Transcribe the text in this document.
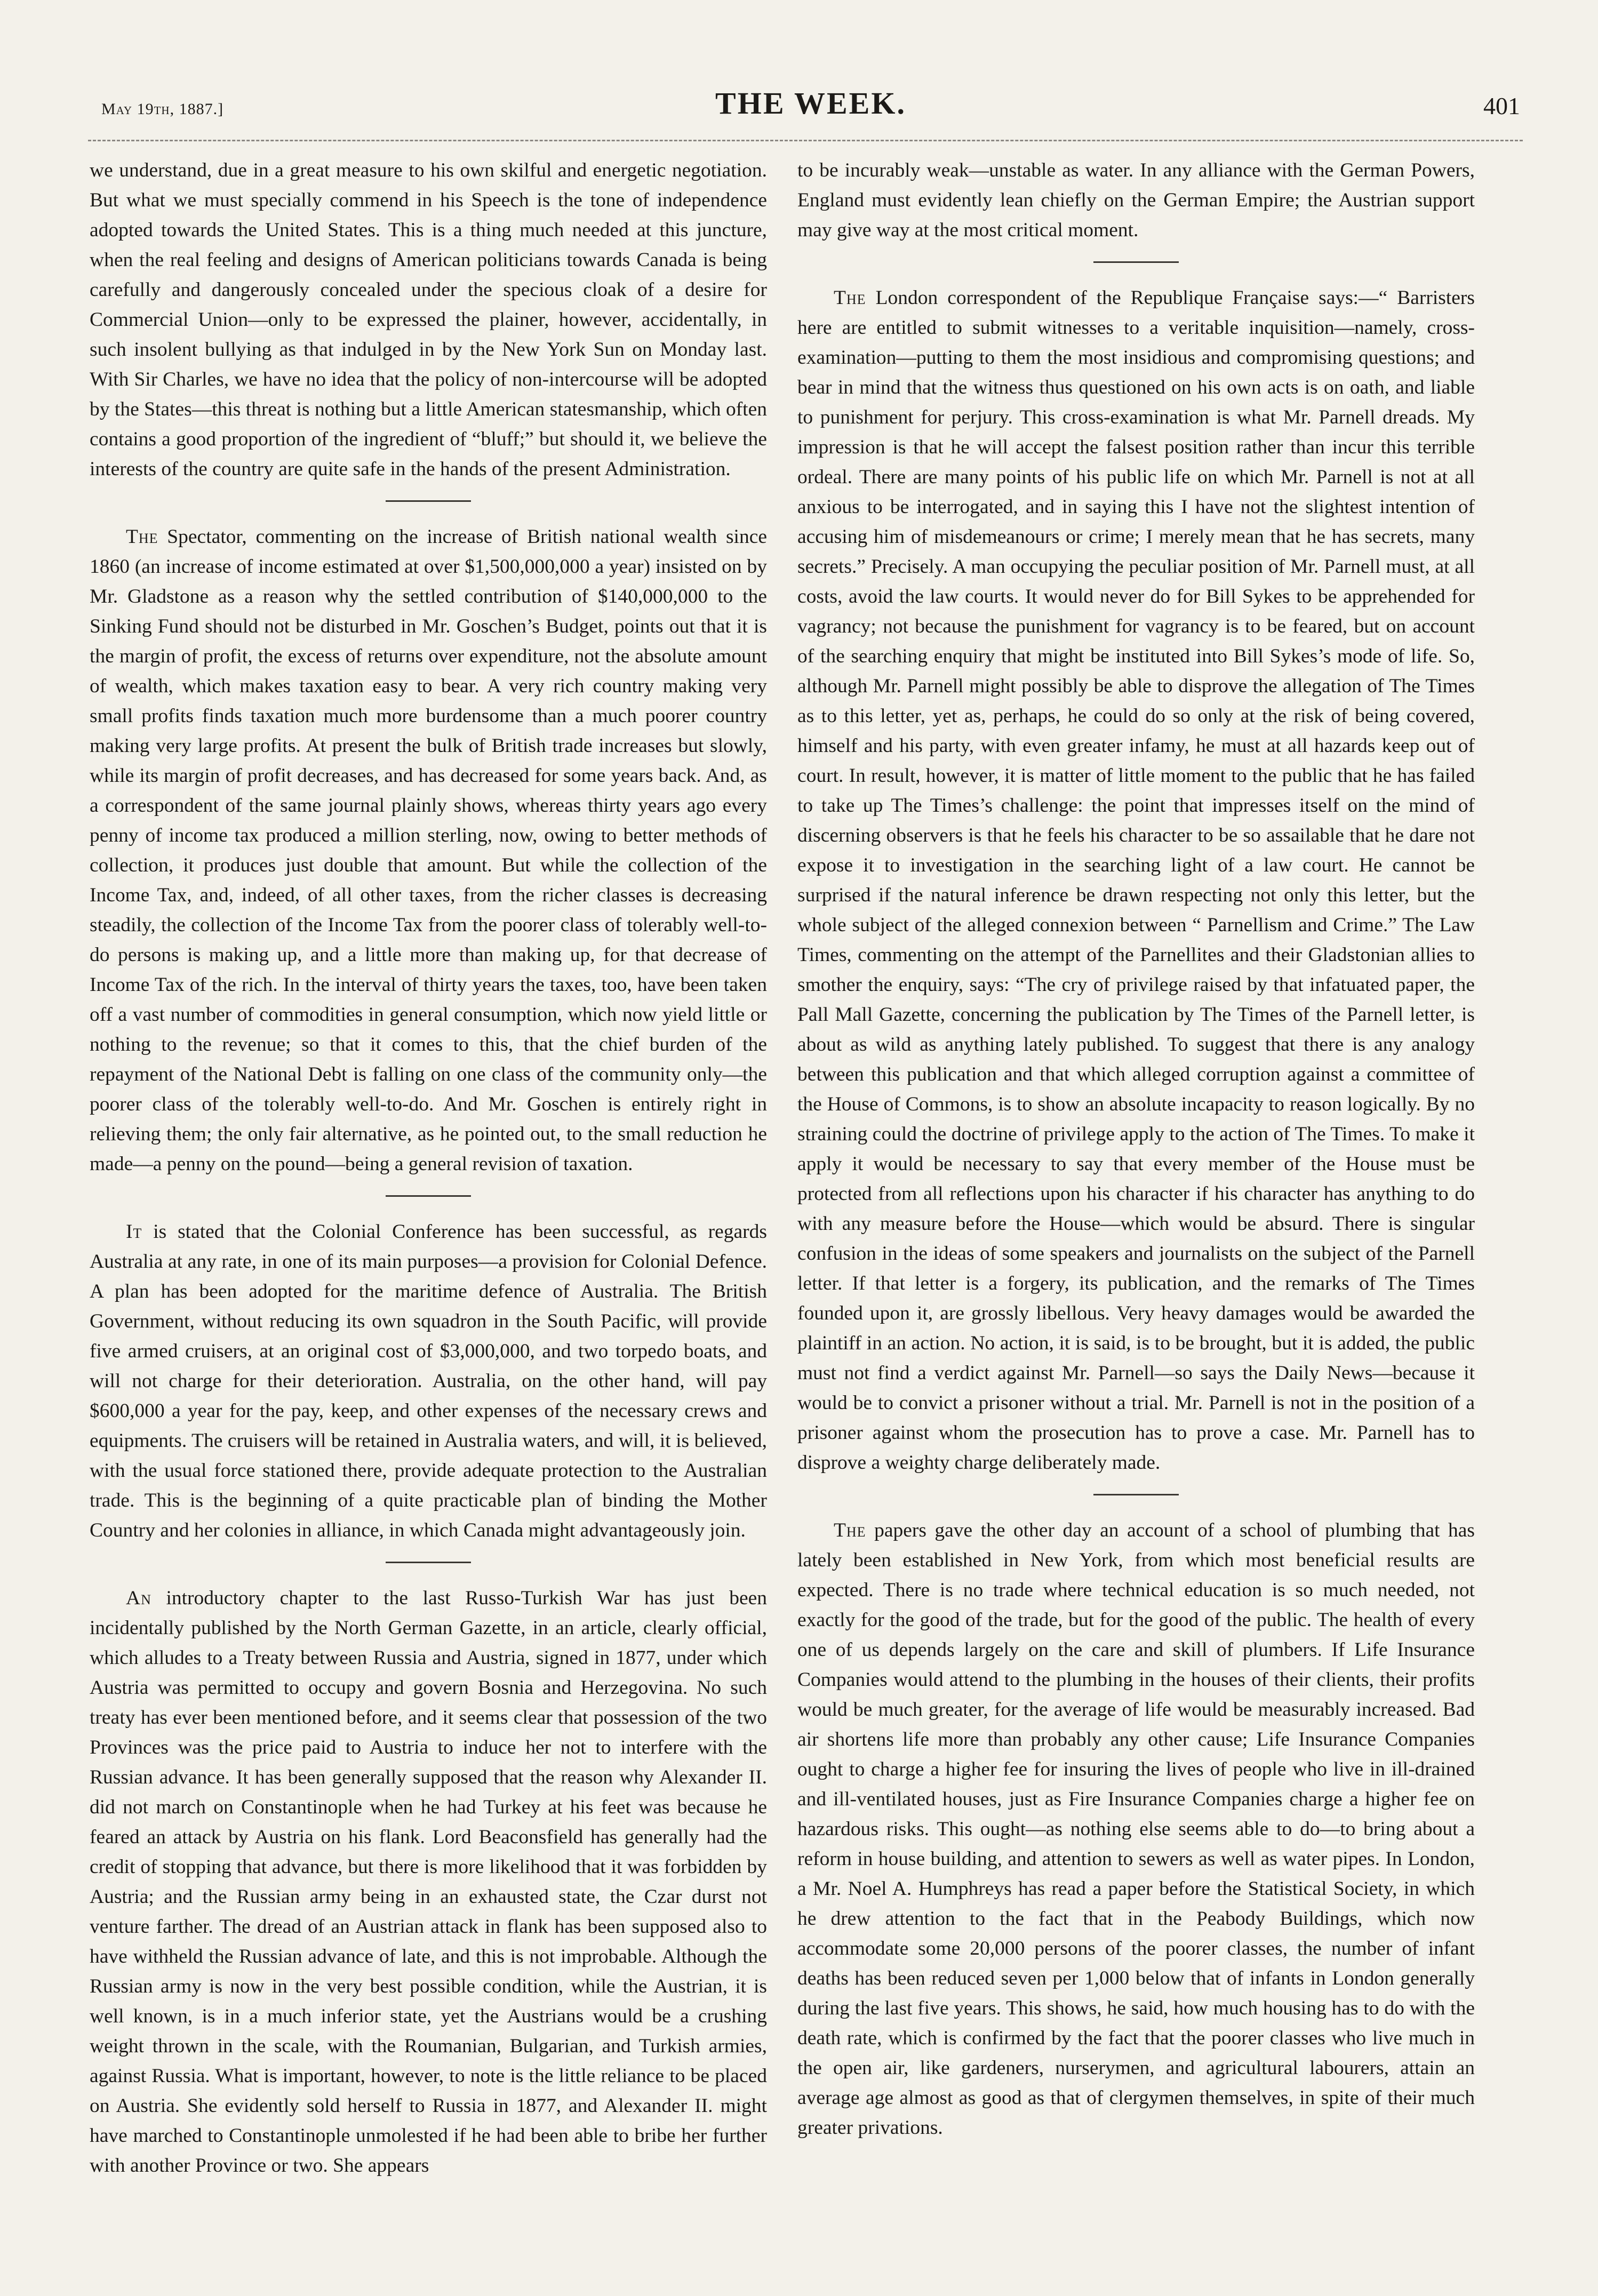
May 19th, 1887.]	THE WEEK.	401

we understand, due in a great measure to his own skilful and energetic negotiation. But what we must specially commend in his Speech is the tone of independence adopted towards the United States. This is a thing much needed at this juncture, when the real feeling and designs of American politicians towards Canada is being carefully and dangerously concealed under the specious cloak of a desire for Commercial Union—only to be expressed the plainer, however, accidentally, in such insolent bullying as that indulged in by the New York Sun on Monday last. With Sir Charles, we have no idea that the policy of non-intercourse will be adopted by the States—this threat is nothing but a little American statesmanship, which often contains a good proportion of the ingredient of “bluff;” but should it, we believe the interests of the country are quite safe in the hands of the present Administration.

The Spectator, commenting on the increase of British national wealth since 1860 (an increase of income estimated at over $1,500,000,000 a year) insisted on by Mr. Gladstone as a reason why the settled contribution of $140,000,000 to the Sinking Fund should not be disturbed in Mr. Goschen’s Budget, points out that it is the margin of profit, the excess of returns over expenditure, not the absolute amount of wealth, which makes taxation easy to bear. A very rich country making very small profits finds taxation much more burdensome than a much poorer country making very large profits. At present the bulk of British trade increases but slowly, while its margin of profit decreases, and has decreased for some years back. And, as a correspondent of the same journal plainly shows, whereas thirty years ago every penny of income tax produced a million sterling, now, owing to better methods of collection, it produces just double that amount. But while the collection of the Income Tax, and, indeed, of all other taxes, from the richer classes is decreasing steadily, the collection of the Income Tax from the poorer class of tolerably well-to-do persons is making up, and a little more than making up, for that decrease of Income Tax of the rich. In the interval of thirty years the taxes, too, have been taken off a vast number of commodities in general consumption, which now yield little or nothing to the revenue; so that it comes to this, that the chief burden of the repayment of the National Debt is falling on one class of the community only—the poorer class of the tolerably well-to-do. And Mr. Goschen is entirely right in relieving them; the only fair alternative, as he pointed out, to the small reduction he made—a penny on the pound—being a general revision of taxation.

It is stated that the Colonial Conference has been successful, as regards Australia at any rate, in one of its main purposes—a provision for Colonial Defence. A plan has been adopted for the maritime defence of Australia. The British Government, without reducing its own squadron in the South Pacific, will provide five armed cruisers, at an original cost of $3,000,000, and two torpedo boats, and will not charge for their deterioration. Australia, on the other hand, will pay $600,000 a year for the pay, keep, and other expenses of the necessary crews and equipments. The cruisers will be retained in Australia waters, and will, it is believed, with the usual force stationed there, provide adequate protection to the Australian trade. This is the beginning of a quite practicable plan of binding the Mother Country and her colonies in alliance, in which Canada might advantageously join.

An introductory chapter to the last Russo-Turkish War has just been incidentally published by the North German Gazette, in an article, clearly official, which alludes to a Treaty between Russia and Austria, signed in 1877, under which Austria was permitted to occupy and govern Bosnia and Herzegovina. No such treaty has ever been mentioned before, and it seems clear that possession of the two Provinces was the price paid to Austria to induce her not to interfere with the Russian advance. It has been generally supposed that the reason why Alexander II. did not march on Constantinople when he had Turkey at his feet was because he feared an attack by Austria on his flank. Lord Beaconsfield has generally had the credit of stopping that advance, but there is more likelihood that it was forbidden by Austria; and the Russian army being in an exhausted state, the Czar durst not venture farther. The dread of an Austrian attack in flank has been supposed also to have withheld the Russian advance of late, and this is not improbable. Although the Russian army is now in the very best possible condition, while the Austrian, it is well known, is in a much inferior state, yet the Austrians would be a crushing weight thrown in the scale, with the Roumanian, Bulgarian, and Turkish armies, against Russia. What is important, however, to note is the little reliance to be placed on Austria. She evidently sold herself to Russia in 1877, and Alexander II. might have marched to Constantinople unmolested if he had been able to bribe her further with another Province or two. She appears

to be incurably weak—unstable as water. In any alliance with the German Powers, England must evidently lean chiefly on the German Empire; the Austrian support may give way at the most critical moment.

The London correspondent of the Republique Française says:—“ Barristers here are entitled to submit witnesses to a veritable inquisition—namely, cross-examination—putting to them the most insidious and compromising questions; and bear in mind that the witness thus questioned on his own acts is on oath, and liable to punishment for perjury. This cross-examination is what Mr. Parnell dreads. My impression is that he will accept the falsest position rather than incur this terrible ordeal. There are many points of his public life on which Mr. Parnell is not at all anxious to be interrogated, and in saying this I have not the slightest intention of accusing him of misdemeanours or crime; I merely mean that he has secrets, many secrets.” Precisely. A man occupying the peculiar position of Mr. Parnell must, at all costs, avoid the law courts. It would never do for Bill Sykes to be apprehended for vagrancy; not because the punishment for vagrancy is to be feared, but on account of the searching enquiry that might be instituted into Bill Sykes’s mode of life. So, although Mr. Parnell might possibly be able to disprove the allegation of The Times as to this letter, yet as, perhaps, he could do so only at the risk of being covered, himself and his party, with even greater infamy, he must at all hazards keep out of court. In result, however, it is matter of little moment to the public that he has failed to take up The Times’s challenge: the point that impresses itself on the mind of discerning observers is that he feels his character to be so assailable that he dare not expose it to investigation in the searching light of a law court. He cannot be surprised if the natural inference be drawn respecting not only this letter, but the whole subject of the alleged connexion between “ Parnellism and Crime.” The Law Times, commenting on the attempt of the Parnellites and their Gladstonian allies to smother the enquiry, says: “The cry of privilege raised by that infatuated paper, the Pall Mall Gazette, concerning the publication by The Times of the Parnell letter, is about as wild as anything lately published. To suggest that there is any analogy between this publication and that which alleged corruption against a committee of the House of Commons, is to show an absolute incapacity to reason logically. By no straining could the doctrine of privilege apply to the action of The Times. To make it apply it would be necessary to say that every member of the House must be protected from all reflections upon his character if his character has anything to do with any measure before the House—which would be absurd. There is singular confusion in the ideas of some speakers and journalists on the subject of the Parnell letter. If that letter is a forgery, its publication, and the remarks of The Times founded upon it, are grossly libellous. Very heavy damages would be awarded the plaintiff in an action. No action, it is said, is to be brought, but it is added, the public must not find a verdict against Mr. Parnell—so says the Daily News—because it would be to convict a prisoner without a trial. Mr. Parnell is not in the position of a prisoner against whom the prosecution has to prove a case. Mr. Parnell has to disprove a weighty charge deliberately made.

The papers gave the other day an account of a school of plumbing that has lately been established in New York, from which most beneficial results are expected. There is no trade where technical education is so much needed, not exactly for the good of the trade, but for the good of the public. The health of every one of us depends largely on the care and skill of plumbers. If Life Insurance Companies would attend to the plumbing in the houses of their clients, their profits would be much greater, for the average of life would be measurably increased. Bad air shortens life more than probably any other cause; Life Insurance Companies ought to charge a higher fee for insuring the lives of people who live in ill-drained and ill-ventilated houses, just as Fire Insurance Companies charge a higher fee on hazardous risks. This ought—as nothing else seems able to do—to bring about a reform in house building, and attention to sewers as well as water pipes. In London, a Mr. Noel A. Humphreys has read a paper before the Statistical Society, in which he drew attention to the fact that in the Peabody Buildings, which now accommodate some 20,000 persons of the poorer classes, the number of infant deaths has been reduced seven per 1,000 below that of infants in London generally during the last five years. This shows, he said, how much housing has to do with the death rate, which is confirmed by the fact that the poorer classes who live much in the open air, like gardeners, nurserymen, and agricultural labourers, attain an average age almost as good as that of clergymen themselves, in spite of their much greater privations.
